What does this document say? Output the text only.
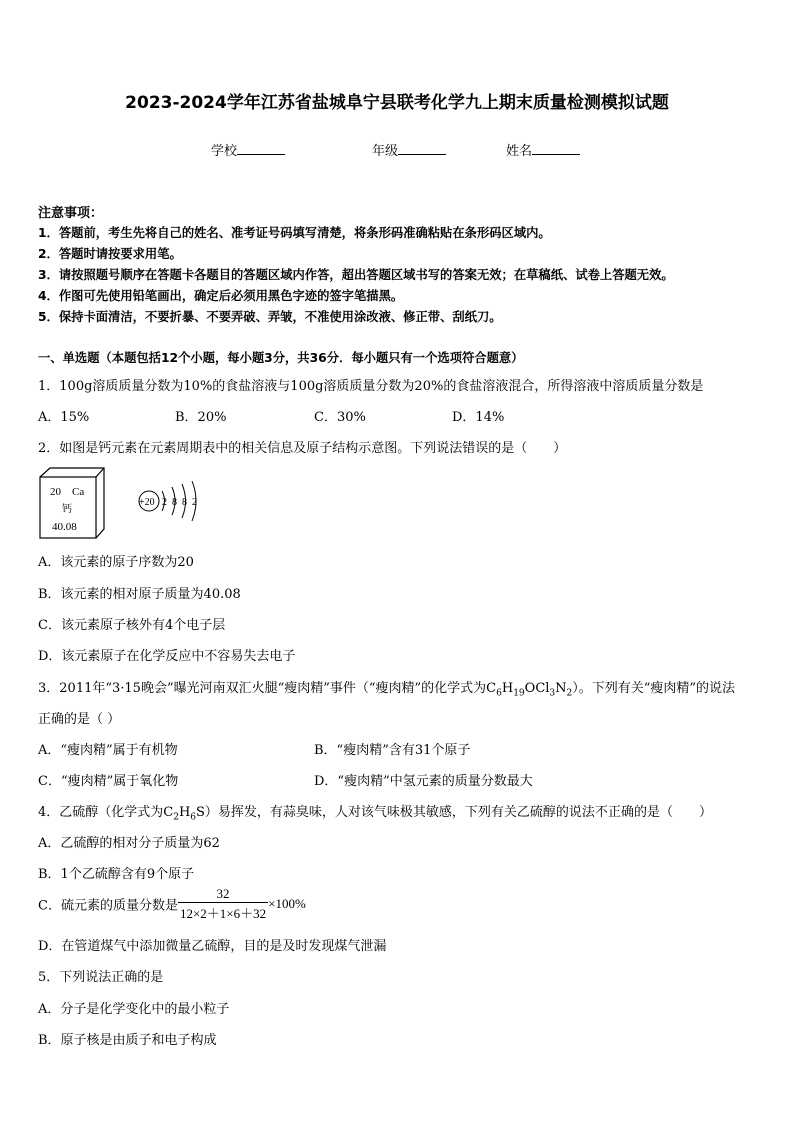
2023-2024学年江苏省盐城阜宁县联考化学九上期末质量检测模拟试题
学校	年级	姓名
注意事项：
1．答题前，考生先将自己的姓名、准考证号码填写清楚，将条形码准确粘贴在条形码区域内。
2．答题时请按要求用笔。
3．请按照题号顺序在答题卡各题目的答题区域内作答，超出答题区域书写的答案无效；在草稿纸、试卷上答题无效。
4．作图可先使用铅笔画出，确定后必须用黑色字迹的签字笔描黑。
5．保持卡面清洁，不要折暴、不要弄破、弄皱，不准使用涂改液、修正带、刮纸刀。
一、单选题（本题包括12个小题，每小题3分，共36分．每小题只有一个选项符合题意）
1．100g溶质质量分数为10%的食盐溶液与100g溶质质量分数为20%的食盐溶液混合，所得溶液中溶质质量分数是
A．15%	B．20%	C．30%	D．14%
2．如图是钙元素在元素周期表中的相关信息及原子结构示意图。下列说法错误的是（　　）
20 Ca
钙
40.08
+20 2 8 8 2
A．该元素的原子序数为20
B．该元素的相对原子质量为40.08
C．该元素原子核外有4个电子层
D．该元素原子在化学反应中不容易失去电子
3．2011年“3·15晚会”曝光河南双汇火腿“瘦肉精”事件（“瘦肉精”的化学式为$C_6H_{19}OCl_3N_2$）。下列有关“瘦肉精”的说法
正确的是（ ）
A．“瘦肉精”属于有机物	B．“瘦肉精”含有31个原子
C．“瘦肉精”属于氧化物	D．“瘦肉精”中氢元素的质量分数最大
4．乙硫醇（化学式为$C_2H_6S$）易挥发，有蒜臭味，人对该气味极其敏感，下列有关乙硫醇的说法不正确的是（　　）
A．乙硫醇的相对分子质量为62
B．1个乙硫醇含有9个原子
C．硫元素的质量分数是 $\frac{32}{12\times 2+1\times 6+32} \times 100\%$
D．在管道煤气中添加微量乙硫醇，目的是及时发现煤气泄漏
5．下列说法正确的是
A．分子是化学变化中的最小粒子
B．原子核是由质子和电子构成
